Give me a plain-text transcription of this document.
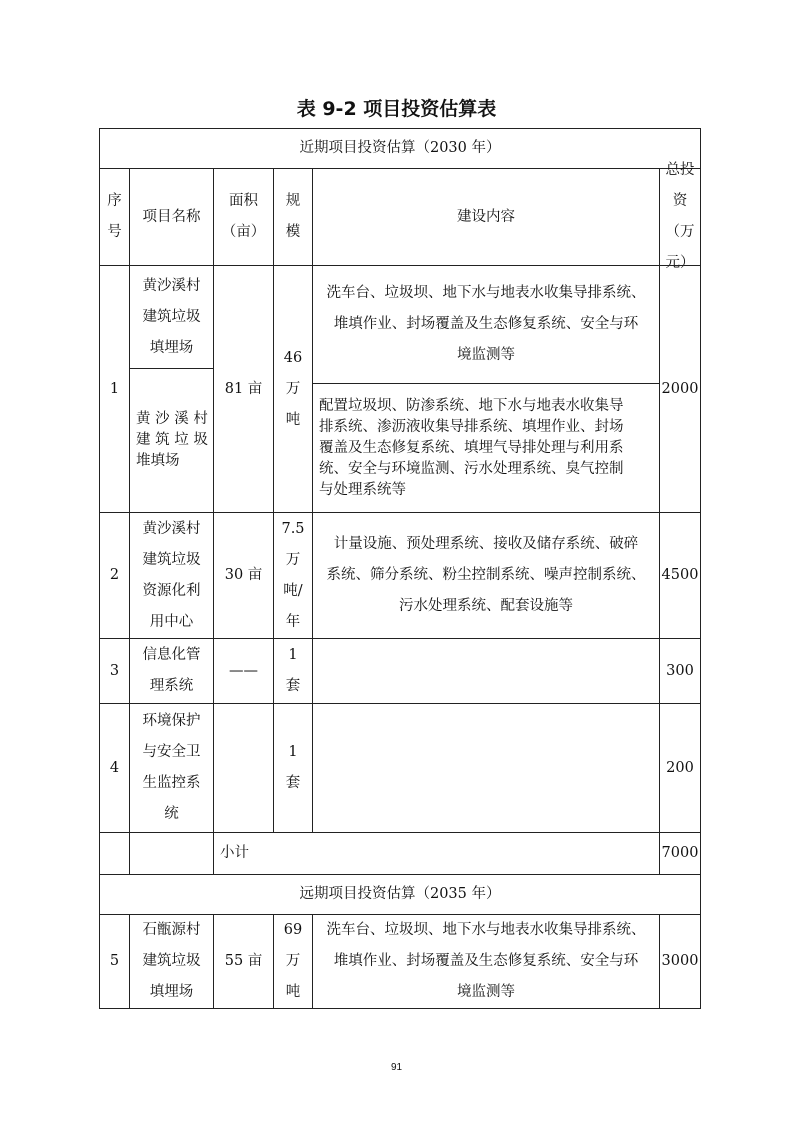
表 9-2 项目投资估算表
近期项目投资估算（2030 年）
序
号
项目名称
面积
（亩）
规
模
建设内容
总投资
（万
元）
1
黄沙溪村
建筑垃圾
填埋场
黄 沙 溪 村
建 筑 垃 圾
堆填场
81 亩
46
万
吨
洗车台、垃圾坝、地下水与地表水收集导排系统、
堆填作业、封场覆盖及生态修复系统、安全与环
境监测等
配置垃圾坝、防渗系统、地下水与地表水收集导
排系统、渗沥液收集导排系统、填埋作业、封场
覆盖及生态修复系统、填埋气导排处理与利用系
统、安全与环境监测、污水处理系统、臭气控制
与处理系统等
2000
2
黄沙溪村
建筑垃圾
资源化利
用中心
30 亩
7.5
万
吨/
年
计量设施、预处理系统、接收及储存系统、破碎
系统、筛分系统、粉尘控制系统、噪声控制系统、
污水处理系统、配套设施等
4500
3
信息化管
理系统
——
1
套
300
4
环境保护
与安全卫
生监控系
统
1
套
200
小计	7000
远期项目投资估算（2035 年）
5
石甑源村
建筑垃圾
填埋场
55 亩
69
万
吨
洗车台、垃圾坝、地下水与地表水收集导排系统、
堆填作业、封场覆盖及生态修复系统、安全与环
境监测等
3000
91
